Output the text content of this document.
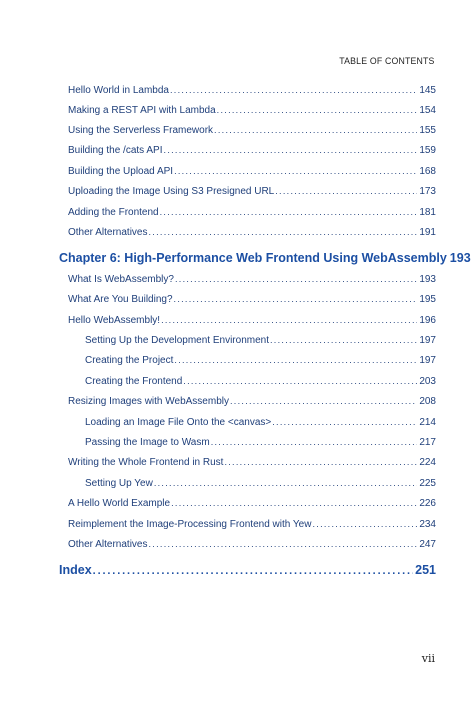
TABLE OF CONTENTS
Hello World in Lambda . . .	145
Making a REST API with Lambda . . .	154
Using the Serverless Framework . . .	155
Building the /cats API . . .	159
Building the Upload API . . .	168
Uploading the Image Using S3 Presigned URL . . .	173
Adding the Frontend . . .	181
Other Alternatives . . .	191
Chapter 6: High-Performance Web Frontend Using WebAssembly 193
What Is WebAssembly? . . .	193
What Are You Building? . . .	195
Hello WebAssembly! . . .	196
Setting Up the Development Environment . . .	197
Creating the Project . . .	197
Creating the Frontend . . .	203
Resizing Images with WebAssembly . . .	208
Loading an Image File Onto the <canvas> . . .	214
Passing the Image to Wasm . . .	217
Writing the Whole Frontend in Rust . . .	224
Setting Up Yew . . .	225
A Hello World Example . . .	226
Reimplement the Image-Processing Frontend with Yew . . .	234
Other Alternatives . . .	247
Index . . .	251
vii
